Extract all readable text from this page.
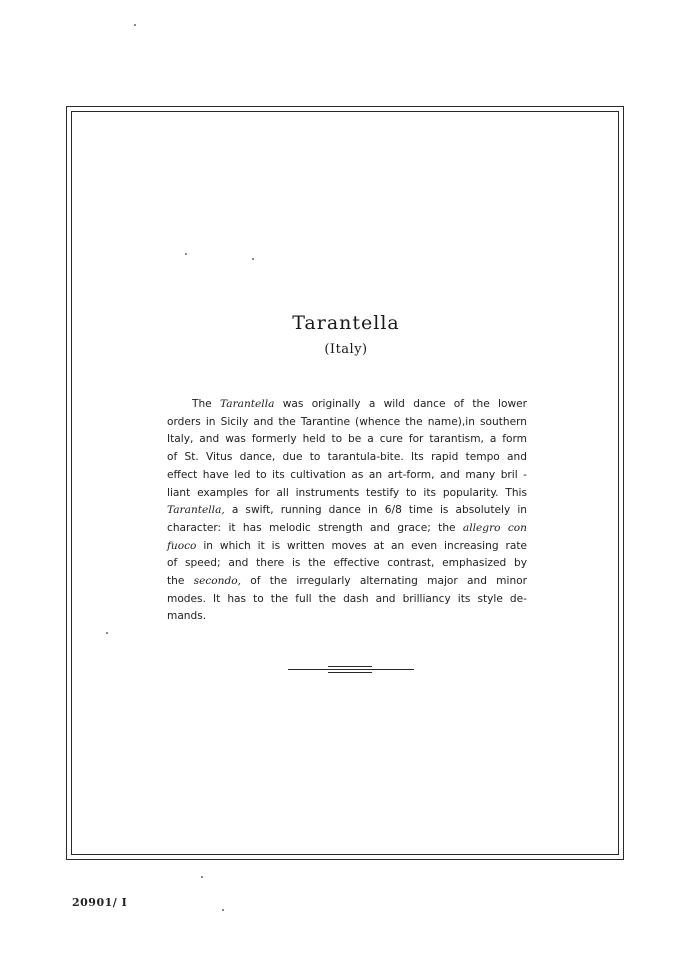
Tarantella
(Italy)
The Tarantella was originally a wild dance of the lower
orders in Sicily and the Tarantine (whence the name),in southern
Italy, and was formerly held to be a cure for tarantism, a form
of St. Vitus dance, due to tarantula-bite. Its rapid tempo and
effect have led to its cultivation as an art-form, and many bril -
liant examples for all instruments testify to its popularity. This
Tarantella, a swift, running dance in 6/8 time is absolutely in
character: it has melodic strength and grace; the allegro con
fuoco in which it is written moves at an even increasing rate
of speed; and there is the effective contrast, emphasized by
the secondo, of the irregularly alternating major and minor
modes. It has to the full the dash and brilliancy its style de-
mands.
20901/ I
